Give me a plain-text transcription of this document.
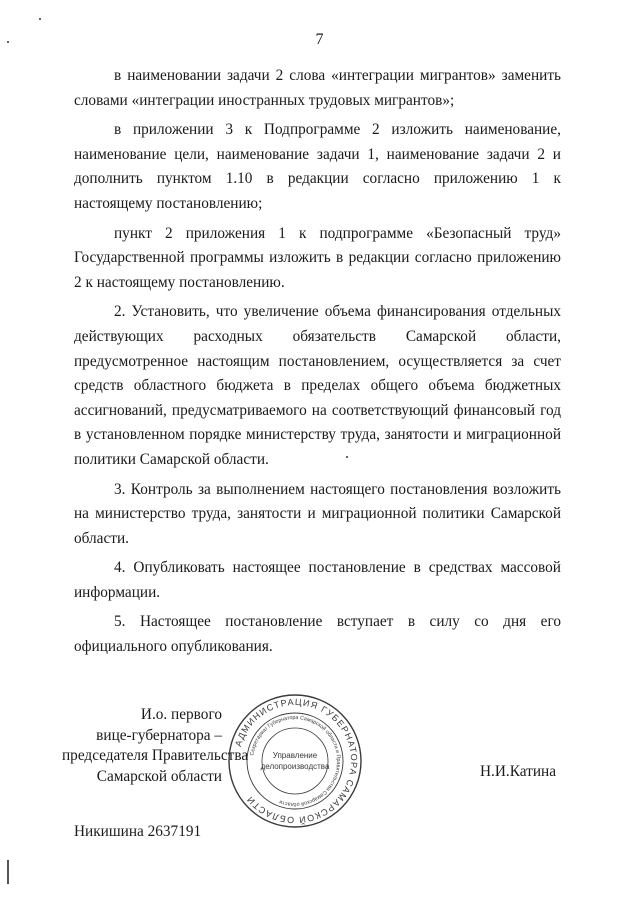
7

в наименовании задачи 2 слова «интеграции мигрантов» заменить словами «интеграции иностранных трудовых мигрантов»;

в приложении 3 к Подпрограмме 2 изложить наименование, наименование цели, наименование задачи 1, наименование задачи 2 и дополнить пунктом 1.10 в редакции согласно приложению 1 к настоящему постановлению;

пункт 2 приложения 1 к подпрограмме «Безопасный труд» Государственной программы изложить в редакции согласно приложению 2 к настоящему постановлению.

2. Установить, что увеличение объема финансирования отдельных действующих расходных обязательств Самарской области, предусмотренное настоящим постановлением, осуществляется за счет средств областного бюджета в пределах общего объема бюджетных ассигнований, предусматриваемого на соответствующий финансовый год в установленном порядке министерству труда, занятости и миграционной политики Самарской области.

3. Контроль за выполнением настоящего постановления возложить на министерство труда, занятости и миграционной политики Самарской области.

4. Опубликовать настоящее постановление в средствах массовой информации.

5. Настоящее постановление вступает в силу со дня его официального опубликования.

И.о. первого
вице-губернатора –
председателя Правительства
Самарской области
АДМИНИСТРАЦИЯ ГУБЕРНАТОРА САМАРСКОЙ ОБЛАСТИ
Секретариат Губернатора Самарской области и Правительства Самарской области
Управление
делопроизводства	Н.И.Катина
Никишина 2637191
